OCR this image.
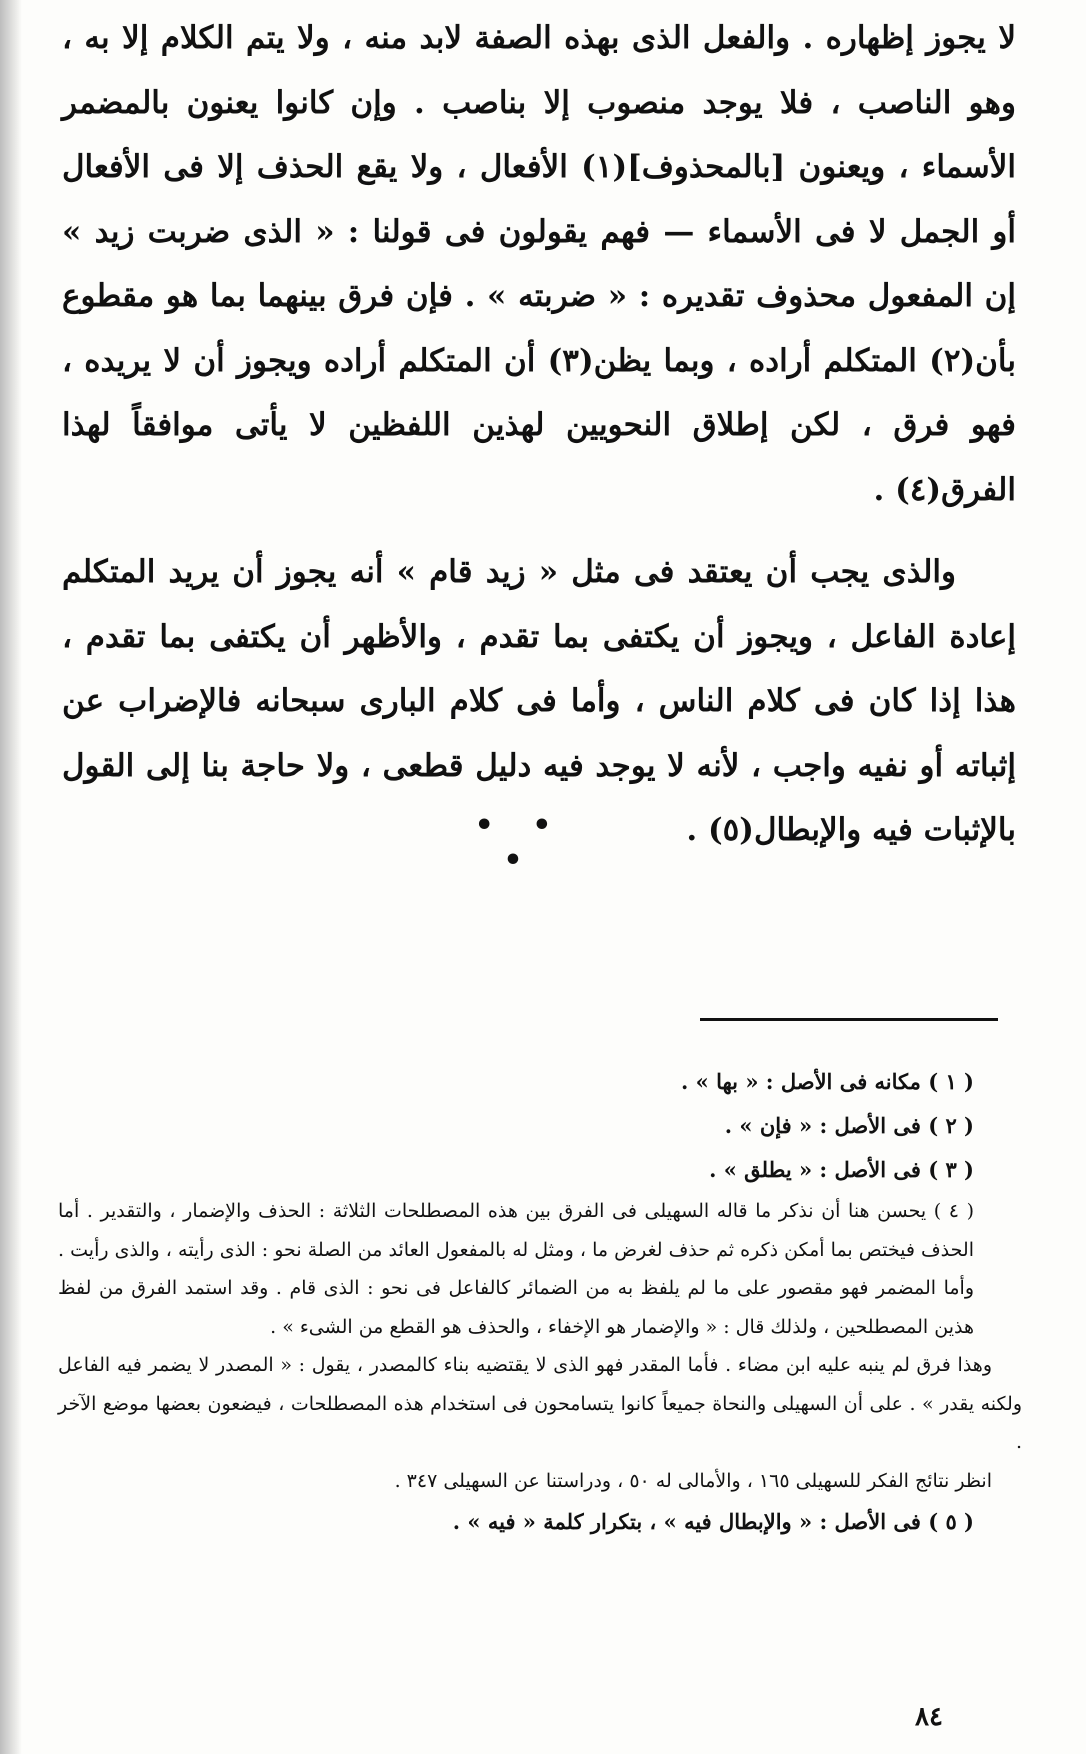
لا يجوز إظهاره . والفعل الذى بهذه الصفة لابد منه ، ولا يتم الكلام إلا به ، وهو الناصب ، فلا يوجد منصوب إلا بناصب . وإن كانوا يعنون بالمضمر الأسماء ، ويعنون [بالمحذوف](١) الأفعال ، ولا يقع الحذف إلا فى الأفعال أو الجمل لا فى الأسماء — فهم يقولون فى قولنا : « الذى ضربت زيد » إن المفعول محذوف تقديره : « ضربته » . فإن فرق بينهما بما هو مقطوع بأن(٢) المتكلم أراده ، وبما يظن(٣) أن المتكلم أراده ويجوز أن لا يريده ، فهو فرق ، لكن إطلاق النحويين لهذين اللفظين لا يأتى موافقاً لهذا الفرق(٤) .

والذى يجب أن يعتقد فى مثل « زيد قام » أنه يجوز أن يريد المتكلم إعادة الفاعل ، ويجوز أن يكتفى بما تقدم ، والأظهر أن يكتفى بما تقدم ، هذا إذا كان فى كلام الناس ، وأما فى كلام البارى سبحانه فالإضراب عن إثباته أو نفيه واجب ، لأنه لا يوجد فيه دليل قطعى ، ولا حاجة بنا إلى القول بالإثبات فيه والإبطال(٥) .

• • •

( ١ ) مكانه فى الأصل : « بها » .

( ٢ ) فى الأصل : « فإن » .

( ٣ ) فى الأصل : « يطلق » .

( ٤ ) يحسن هنا أن نذكر ما قاله السهيلى فى الفرق بين هذه المصطلحات الثلاثة : الحذف والإضمار ، والتقدير . أما الحذف فيختص بما أمكن ذكره ثم حذف لغرض ما ، ومثل له بالمفعول العائد من الصلة نحو : الذى رأيته ، والذى رأيت . وأما المضمر فهو مقصور على ما لم يلفظ به من الضمائر كالفاعل فى نحو : الذى قام . وقد استمد الفرق من لفظ هذين المصطلحين ، ولذلك قال : « والإضمار هو الإخفاء ، والحذف هو القطع من الشىء » .

وهذا فرق لم ينبه عليه ابن مضاء . فأما المقدر فهو الذى لا يقتضيه بناء كالمصدر ، يقول : « المصدر لا يضمر فيه الفاعل ولكنه يقدر » . على أن السهيلى والنحاة جميعاً كانوا يتسامحون فى استخدام هذه المصطلحات ، فيضعون بعضها موضع الآخر .

انظر نتائج الفكر للسهيلى ١٦٥ ، والأمالى له ٥٠ ، ودراستنا عن السهيلى ٣٤٧ .

( ٥ ) فى الأصل : « والإبطال فيه » ، بتكرار كلمة « فيه » .

٨٤
